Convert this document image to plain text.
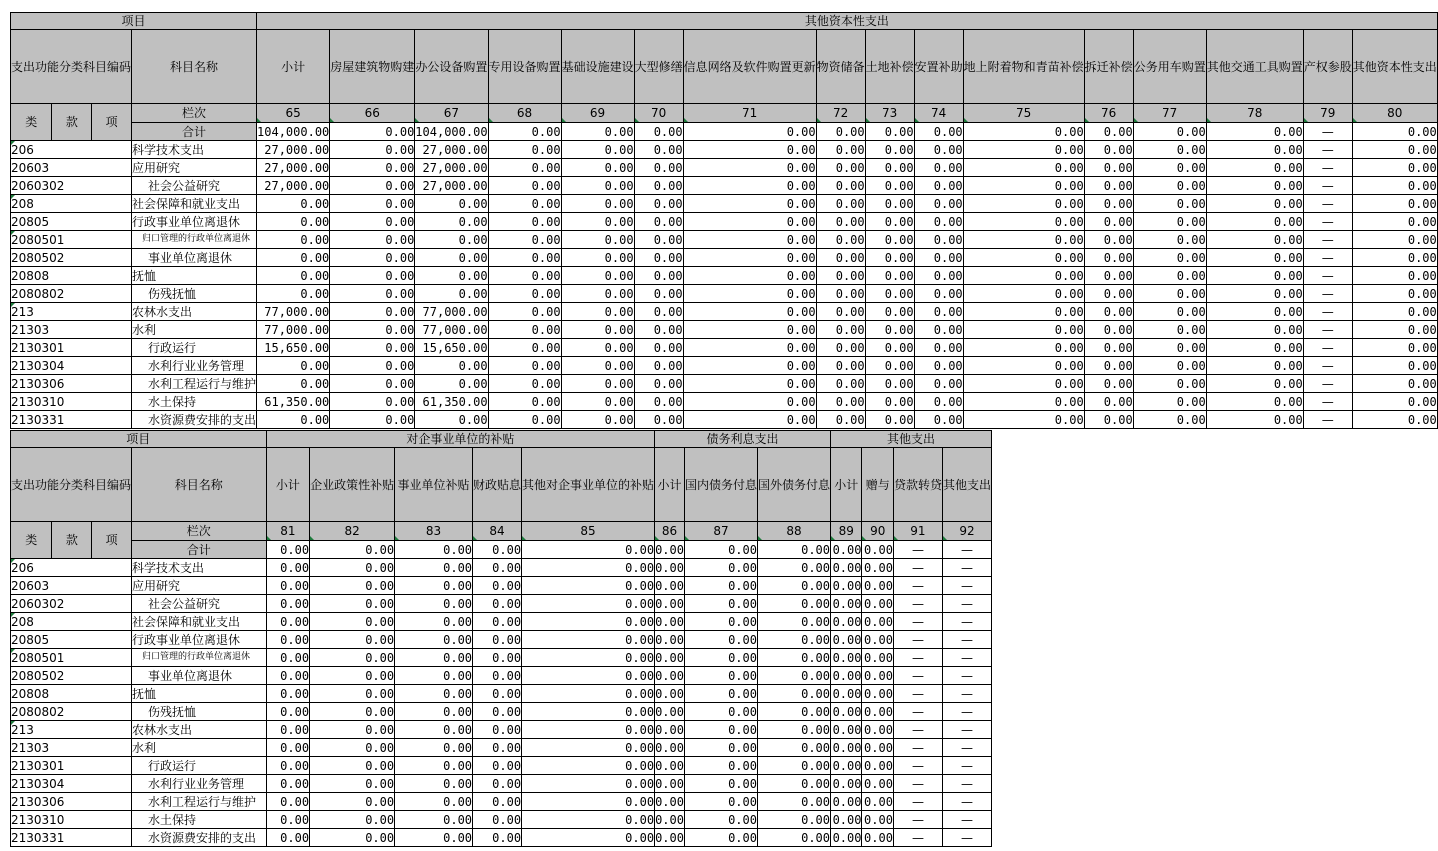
项目				其他资本性支出															
支出功能分类科目编码			科目名称	小计	房屋建筑物购建	办公设备购置	专用设备购置	基础设施建设	大型修缮	信息网络及软件购置更新	物资储备	土地补偿	安置补助	地上附着物和青苗补偿	拆迁补偿	公务用车购置	其他交通工具购置	产权参股	其他资本性支出
类	款	项	栏次	65	66	67	68	69	70	71	72	73	74	75	76	77	78	79	80
			合计	104,000.00	0.00	104,000.00	0.00	0.00	0.00	0.00	0.00	0.00	0.00	0.00	0.00	0.00	0.00	—	0.00
206			科学技术支出	27,000.00	0.00	27,000.00	0.00	0.00	0.00	0.00	0.00	0.00	0.00	0.00	0.00	0.00	0.00	—	0.00
20603			应用研究	27,000.00	0.00	27,000.00	0.00	0.00	0.00	0.00	0.00	0.00	0.00	0.00	0.00	0.00	0.00	—	0.00
2060302			社会公益研究	27,000.00	0.00	27,000.00	0.00	0.00	0.00	0.00	0.00	0.00	0.00	0.00	0.00	0.00	0.00	—	0.00
208			社会保障和就业支出	0.00	0.00	0.00	0.00	0.00	0.00	0.00	0.00	0.00	0.00	0.00	0.00	0.00	0.00	—	0.00
20805			行政事业单位离退休	0.00	0.00	0.00	0.00	0.00	0.00	0.00	0.00	0.00	0.00	0.00	0.00	0.00	0.00	—	0.00
2080501			归口管理的行政单位离退休	0.00	0.00	0.00	0.00	0.00	0.00	0.00	0.00	0.00	0.00	0.00	0.00	0.00	0.00	—	0.00
2080502			事业单位离退休	0.00	0.00	0.00	0.00	0.00	0.00	0.00	0.00	0.00	0.00	0.00	0.00	0.00	0.00	—	0.00
20808			抚恤	0.00	0.00	0.00	0.00	0.00	0.00	0.00	0.00	0.00	0.00	0.00	0.00	0.00	0.00	—	0.00
2080802			伤残抚恤	0.00	0.00	0.00	0.00	0.00	0.00	0.00	0.00	0.00	0.00	0.00	0.00	0.00	0.00	—	0.00
213			农林水支出	77,000.00	0.00	77,000.00	0.00	0.00	0.00	0.00	0.00	0.00	0.00	0.00	0.00	0.00	0.00	—	0.00
21303			水利	77,000.00	0.00	77,000.00	0.00	0.00	0.00	0.00	0.00	0.00	0.00	0.00	0.00	0.00	0.00	—	0.00
2130301			行政运行	15,650.00	0.00	15,650.00	0.00	0.00	0.00	0.00	0.00	0.00	0.00	0.00	0.00	0.00	0.00	—	0.00
2130304			水利行业业务管理	0.00	0.00	0.00	0.00	0.00	0.00	0.00	0.00	0.00	0.00	0.00	0.00	0.00	0.00	—	0.00
2130306			水利工程运行与维护	0.00	0.00	0.00	0.00	0.00	0.00	0.00	0.00	0.00	0.00	0.00	0.00	0.00	0.00	—	0.00
2130310			水土保持	61,350.00	0.00	61,350.00	0.00	0.00	0.00	0.00	0.00	0.00	0.00	0.00	0.00	0.00	0.00	—	0.00
2130331			水资源费安排的支出	0.00	0.00	0.00	0.00	0.00	0.00	0.00	0.00	0.00	0.00	0.00	0.00	0.00	0.00	—	0.00
项目				对企事业单位的补贴					债务利息支出			其他支出			
支出功能分类科目编码			科目名称	小计	企业政策性补贴	事业单位补贴	财政贴息	其他对企事业单位的补贴	小计	国内债务付息	国外债务付息	小计	赠与	贷款转贷	其他支出
类	款	项	栏次	81	82	83	84	85	86	87	88	89	90	91	92
			合计	0.00	0.00	0.00	0.00	0.00	0.00	0.00	0.00	0.00	0.00	—	—
206			科学技术支出	0.00	0.00	0.00	0.00	0.00	0.00	0.00	0.00	0.00	0.00	—	—
20603			应用研究	0.00	0.00	0.00	0.00	0.00	0.00	0.00	0.00	0.00	0.00	—	—
2060302			社会公益研究	0.00	0.00	0.00	0.00	0.00	0.00	0.00	0.00	0.00	0.00	—	—
208			社会保障和就业支出	0.00	0.00	0.00	0.00	0.00	0.00	0.00	0.00	0.00	0.00	—	—
20805			行政事业单位离退休	0.00	0.00	0.00	0.00	0.00	0.00	0.00	0.00	0.00	0.00	—	—
2080501			归口管理的行政单位离退休	0.00	0.00	0.00	0.00	0.00	0.00	0.00	0.00	0.00	0.00	—	—
2080502			事业单位离退休	0.00	0.00	0.00	0.00	0.00	0.00	0.00	0.00	0.00	0.00	—	—
20808			抚恤	0.00	0.00	0.00	0.00	0.00	0.00	0.00	0.00	0.00	0.00	—	—
2080802			伤残抚恤	0.00	0.00	0.00	0.00	0.00	0.00	0.00	0.00	0.00	0.00	—	—
213			农林水支出	0.00	0.00	0.00	0.00	0.00	0.00	0.00	0.00	0.00	0.00	—	—
21303			水利	0.00	0.00	0.00	0.00	0.00	0.00	0.00	0.00	0.00	0.00	—	—
2130301			行政运行	0.00	0.00	0.00	0.00	0.00	0.00	0.00	0.00	0.00	0.00	—	—
2130304			水利行业业务管理	0.00	0.00	0.00	0.00	0.00	0.00	0.00	0.00	0.00	0.00	—	—
2130306			水利工程运行与维护	0.00	0.00	0.00	0.00	0.00	0.00	0.00	0.00	0.00	0.00	—	—
2130310			水土保持	0.00	0.00	0.00	0.00	0.00	0.00	0.00	0.00	0.00	0.00	—	—
2130331			水资源费安排的支出	0.00	0.00	0.00	0.00	0.00	0.00	0.00	0.00	0.00	0.00	—	—
